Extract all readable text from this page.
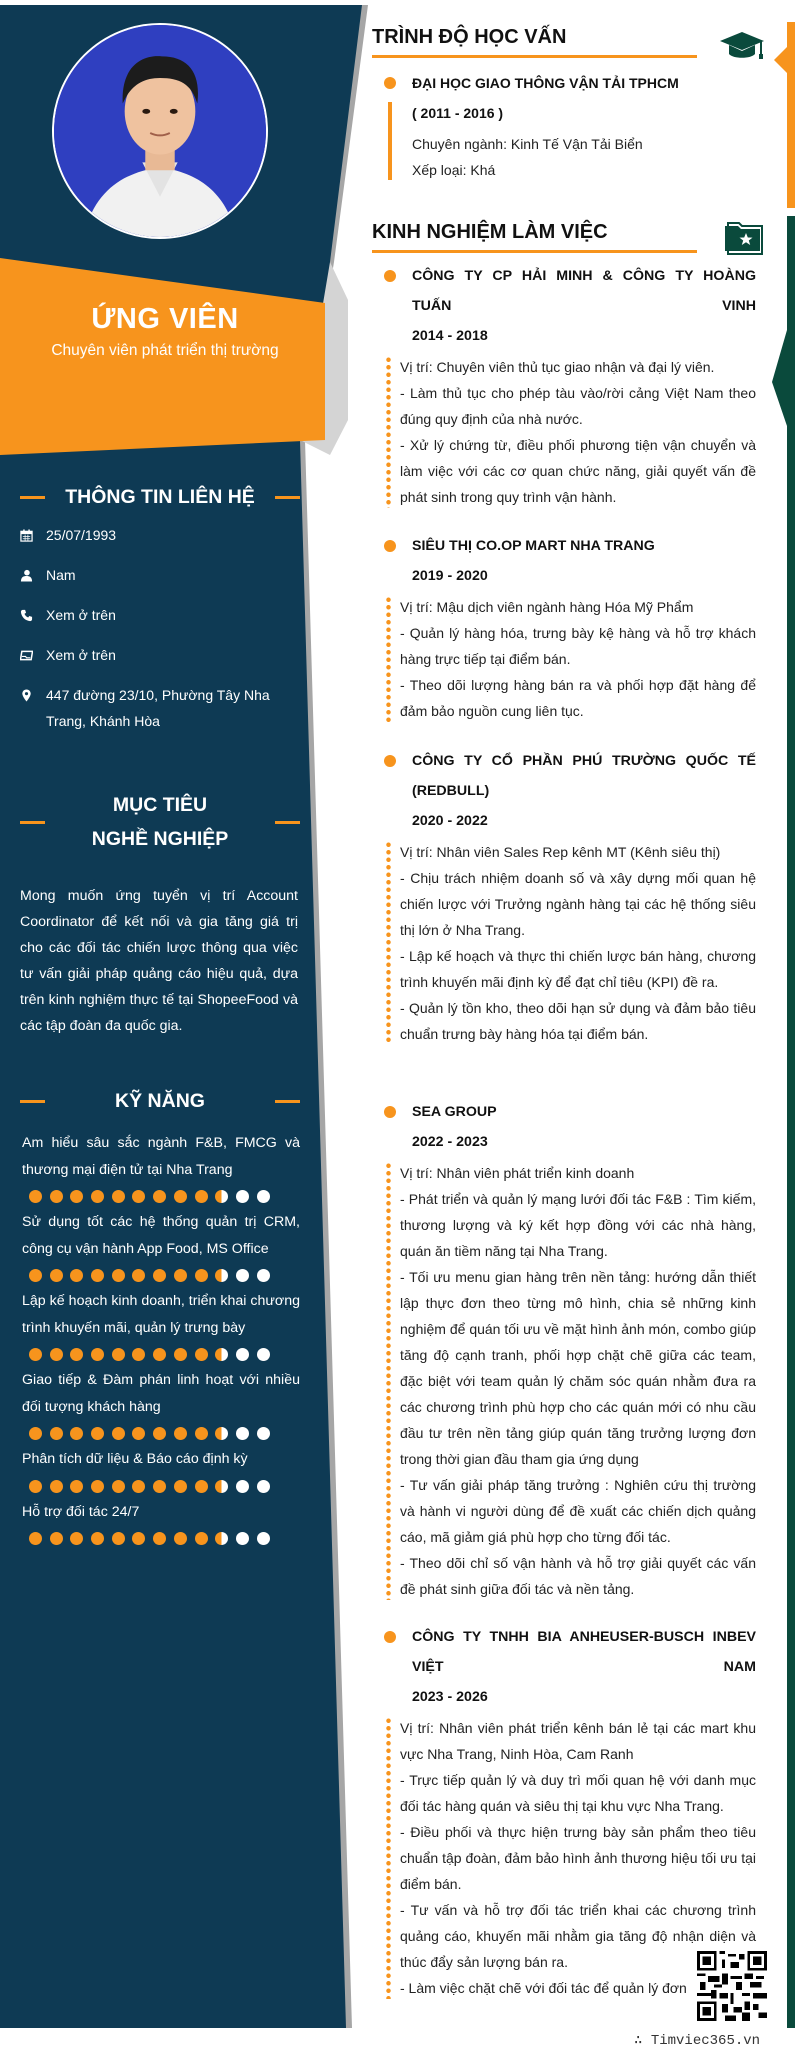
ỨNG VIÊN
Chuyên viên phát triển thị trường
THÔNG TIN LIÊN HỆ
25/07/1993
Nam
Xem ở trên
Xem ở trên
447 đường 23/10, Phường Tây Nha Trang, Khánh Hòa
MỤC TIÊU NGHỀ NGHIỆP
Mong muốn ứng tuyển vị trí Account Coordinator để kết nối và gia tăng giá trị cho các đối tác chiến lược thông qua việc tư vấn giải pháp quảng cáo hiệu quả, dựa trên kinh nghiệm thực tế tại ShopeeFood và các tập đoàn đa quốc gia.
KỸ NĂNG
Am hiểu sâu sắc ngành F&B, FMCG và thương mại điện tử tại Nha Trang
Sử dụng tốt các hệ thống quản trị CRM, công cụ vận hành App Food, MS Office
Lập kế hoạch kinh doanh, triển khai chương trình khuyến mãi, quản lý trưng bày
Giao tiếp & Đàm phán linh hoạt với nhiều đối tượng khách hàng
Phân tích dữ liệu & Báo cáo định kỳ
Hỗ trợ đối tác 24/7
TRÌNH ĐỘ HỌC VẤN
ĐẠI HỌC GIAO THÔNG VẬN TẢI TPHCM
( 2011 - 2016 )
Chuyên ngành: Kinh Tế Vận Tải Biển
Xếp loại: Khá
KINH NGHIỆM LÀM VIỆC
CÔNG TY CP HẢI MINH & CÔNG TY HOÀNG TUẤN VINH
2014 - 2018
Vị trí: Chuyên viên thủ tục giao nhận và đại lý viên.
- Làm thủ tục cho phép tàu vào/rời cảng Việt Nam theo đúng quy định của nhà nước.
- Xử lý chứng từ, điều phối phương tiện vận chuyển và làm việc với các cơ quan chức năng, giải quyết vấn đề phát sinh trong quy trình vận hành.
SIÊU THỊ CO.OP MART NHA TRANG
2019 - 2020
Vị trí: Mậu dịch viên ngành hàng Hóa Mỹ Phẩm
- Quản lý hàng hóa, trưng bày kệ hàng và hỗ trợ khách hàng trực tiếp tại điểm bán.
- Theo dõi lượng hàng bán ra và phối hợp đặt hàng để đảm bảo nguồn cung liên tục.
CÔNG TY CỔ PHẦN PHÚ TRƯỜNG QUỐC TẾ (REDBULL)
2020 - 2022
Vị trí: Nhân viên Sales Rep kênh MT (Kênh siêu thị)
- Chịu trách nhiệm doanh số và xây dựng mối quan hệ chiến lược với Trưởng ngành hàng tại các hệ thống siêu thị lớn ở Nha Trang.
- Lập kế hoạch và thực thi chiến lược bán hàng, chương trình khuyến mãi định kỳ để đạt chỉ tiêu (KPI) đề ra.
- Quản lý tồn kho, theo dõi hạn sử dụng và đảm bảo tiêu chuẩn trưng bày hàng hóa tại điểm bán.
SEA GROUP
2022 - 2023
Vị trí: Nhân viên phát triển kinh doanh
- Phát triển và quản lý mạng lưới đối tác F&B : Tìm kiếm, thương lượng và ký kết hợp đồng với các nhà hàng, quán ăn tiềm năng tại Nha Trang.
- Tối ưu menu gian hàng trên nền tảng: hướng dẫn thiết lập thực đơn theo từng mô hình, chia sẻ những kinh nghiệm để quán tối ưu về mặt hình ảnh món, combo giúp tăng độ cạnh tranh, phối hợp chặt chẽ giữa các team, đặc biệt với team quản lý chăm sóc quán nhằm đưa ra các chương trình phù hợp cho các quán mới có nhu cầu đầu tư trên nền tảng giúp quán tăng trưởng lượng đơn trong thời gian đầu tham gia ứng dụng
- Tư vấn giải pháp tăng trưởng : Nghiên cứu thị trường và hành vi người dùng để đề xuất các chiến dịch quảng cáo, mã giảm giá phù hợp cho từng đối tác.
- Theo dõi chỉ số vận hành và hỗ trợ giải quyết các vấn đề phát sinh giữa đối tác và nền tảng.
CÔNG TY TNHH BIA ANHEUSER-BUSCH INBEV VIỆT NAM
2023 - 2026
Vị trí: Nhân viên phát triển kênh bán lẻ tại các mart khu vực Nha Trang, Ninh Hòa, Cam Ranh
- Trực tiếp quản lý và duy trì mối quan hệ với danh mục đối tác hàng quán và siêu thị tại khu vực Nha Trang.
- Điều phối và thực hiện trưng bày sản phẩm theo tiêu chuẩn tập đoàn, đảm bảo hình ảnh thương hiệu tối ưu tại điểm bán.
- Tư vấn và hỗ trợ đối tác triển khai các chương trình quảng cáo, khuyến mãi nhằm gia tăng độ nhận diện và thúc đẩy sản lượng bán ra.
- Làm việc chặt chẽ với đối tác để quản lý đơn
∴ Timviec365.vn
